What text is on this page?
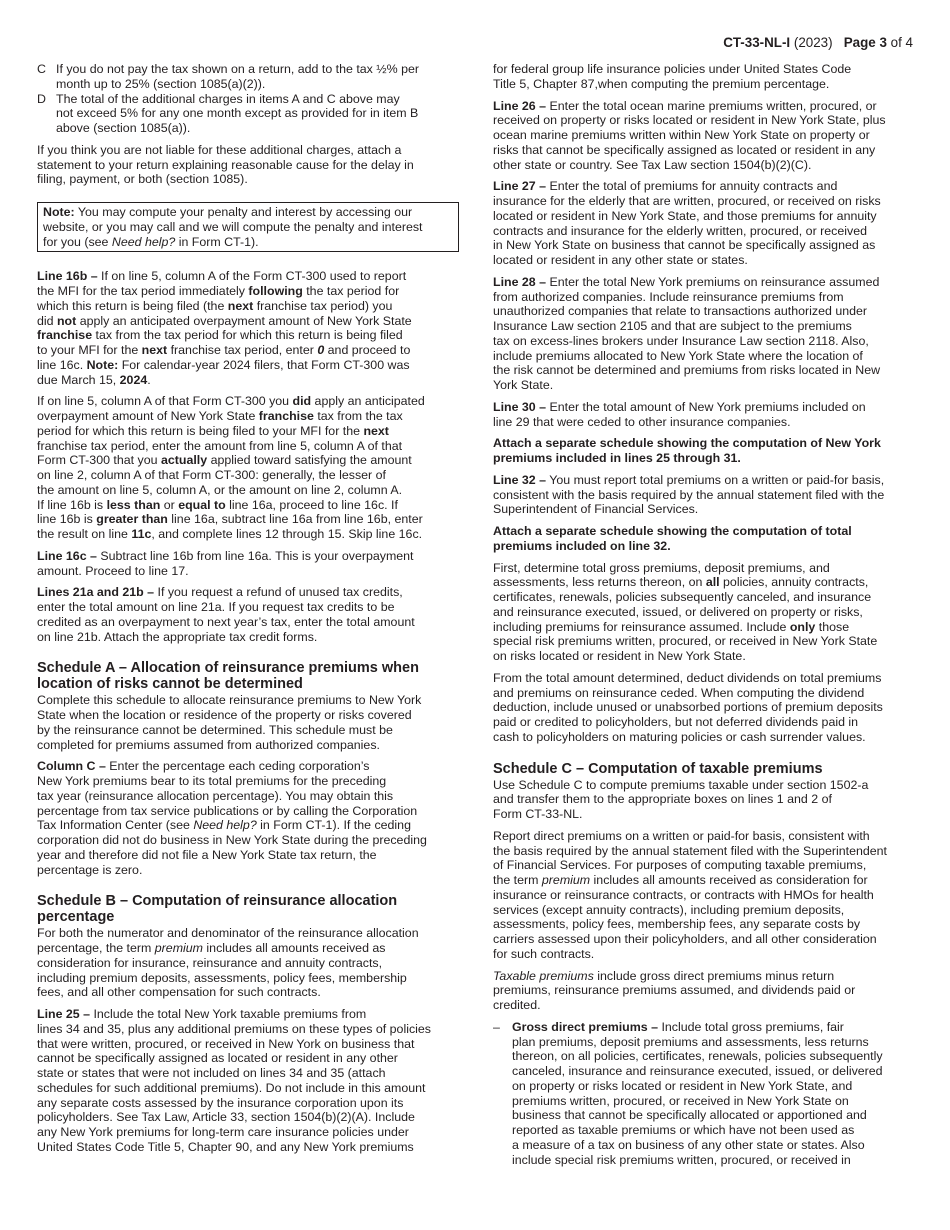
CT-33-NL-I (2023) Page 3 of 4
C If you do not pay the tax shown on a return, add to the tax ½% per
month up to 25% (section 1085(a)(2)).
D The total of the additional charges in items A and C above may
not exceed 5% for any one month except as provided for in item B
above (section 1085(a)).

If you think you are not liable for these additional charges, attach a
statement to your return explaining reasonable cause for the delay in
filing, payment, or both (section 1085).

Note: You may compute your penalty and interest by accessing our
website, or you may call and we will compute the penalty and interest
for you (see Need help? in Form CT-1).

Line 16b – If on line 5, column A of the Form CT-300 used to report
the MFI for the tax period immediately following the tax period for
which this return is being filed (the next franchise tax period) you
did not apply an anticipated overpayment amount of New York State
franchise tax from the tax period for which this return is being filed
to your MFI for the next franchise tax period, enter 0 and proceed to
line 16c. Note: For calendar-year 2024 filers, that Form CT-300 was
due March 15, 2024.

If on line 5, column A of that Form CT-300 you did apply an anticipated
overpayment amount of New York State franchise tax from the tax
period for which this return is being filed to your MFI for the next
franchise tax period, enter the amount from line 5, column A of that
Form CT-300 that you actually applied toward satisfying the amount
on line 2, column A of that Form CT-300: generally, the lesser of
the amount on line 5, column A, or the amount on line 2, column A.
If line 16b is less than or equal to line 16a, proceed to line 16c. If
line 16b is greater than line 16a, subtract line 16a from line 16b, enter
the result on line 11c, and complete lines 12 through 15. Skip line 16c.

Line 16c – Subtract line 16b from line 16a. This is your overpayment
amount. Proceed to line 17.

Lines 21a and 21b – If you request a refund of unused tax credits,
enter the total amount on line 21a. If you request tax credits to be
credited as an overpayment to next year’s tax, enter the total amount
on line 21b. Attach the appropriate tax credit forms.

Schedule A – Allocation of reinsurance premiums when
location of risks cannot be determined

Complete this schedule to allocate reinsurance premiums to New York
State when the location or residence of the property or risks covered
by the reinsurance cannot be determined. This schedule must be
completed for premiums assumed from authorized companies.

Column C – Enter the percentage each ceding corporation’s
New York premiums bear to its total premiums for the preceding
tax year (reinsurance allocation percentage). You may obtain this
percentage from tax service publications or by calling the Corporation
Tax Information Center (see Need help? in Form CT-1). If the ceding
corporation did not do business in New York State during the preceding
year and therefore did not file a New York State tax return, the
percentage is zero.

Schedule B – Computation of reinsurance allocation
percentage

For both the numerator and denominator of the reinsurance allocation
percentage, the term premium includes all amounts received as
consideration for insurance, reinsurance and annuity contracts,
including premium deposits, assessments, policy fees, membership
fees, and all other compensation for such contracts.

Line 25 – Include the total New York taxable premiums from
lines 34 and 35, plus any additional premiums on these types of policies
that were written, procured, or received in New York on business that
cannot be specifically assigned as located or resident in any other
state or states that were not included on lines 34 and 35 (attach
schedules for such additional premiums). Do not include in this amount
any separate costs assessed by the insurance corporation upon its
policyholders. See Tax Law, Article 33, section 1504(b)(2)(A). Include
any New York premiums for long-term care insurance policies under
United States Code Title 5, Chapter 90, and any New York premiums

for federal group life insurance policies under United States Code
Title 5, Chapter 87,when computing the premium percentage.

Line 26 – Enter the total ocean marine premiums written, procured, or
received on property or risks located or resident in New York State, plus
ocean marine premiums written within New York State on property or
risks that cannot be specifically assigned as located or resident in any
other state or country. See Tax Law section 1504(b)(2)(C).

Line 27 – Enter the total of premiums for annuity contracts and
insurance for the elderly that are written, procured, or received on risks
located or resident in New York State, and those premiums for annuity
contracts and insurance for the elderly written, procured, or received
in New York State on business that cannot be specifically assigned as
located or resident in any other state or states.

Line 28 – Enter the total New York premiums on reinsurance assumed
from authorized companies. Include reinsurance premiums from
unauthorized companies that relate to transactions authorized under
Insurance Law section 2105 and that are subject to the premiums
tax on excess-lines brokers under Insurance Law section 2118. Also,
include premiums allocated to New York State where the location of
the risk cannot be determined and premiums from risks located in New
York State.

Line 30 – Enter the total amount of New York premiums included on
line 29 that were ceded to other insurance companies.

Attach a separate schedule showing the computation of New York
premiums included in lines 25 through 31.

Line 32 – You must report total premiums on a written or paid-for basis,
consistent with the basis required by the annual statement filed with the
Superintendent of Financial Services.

Attach a separate schedule showing the computation of total
premiums included on line 32.

First, determine total gross premiums, deposit premiums, and
assessments, less returns thereon, on all policies, annuity contracts,
certificates, renewals, policies subsequently canceled, and insurance
and reinsurance executed, issued, or delivered on property or risks,
including premiums for reinsurance assumed. Include only those
special risk premiums written, procured, or received in New York State
on risks located or resident in New York State.

From the total amount determined, deduct dividends on total premiums
and premiums on reinsurance ceded. When computing the dividend
deduction, include unused or unabsorbed portions of premium deposits
paid or credited to policyholders, but not deferred dividends paid in
cash to policyholders on maturing policies or cash surrender values.

Schedule C – Computation of taxable premiums

Use Schedule C to compute premiums taxable under section 1502-a
and transfer them to the appropriate boxes on lines 1 and 2 of
Form CT-33-NL.

Report direct premiums on a written or paid-for basis, consistent with
the basis required by the annual statement filed with the Superintendent
of Financial Services. For purposes of computing taxable premiums,
the term premium includes all amounts received as consideration for
insurance or reinsurance contracts, or contracts with HMOs for health
services (except annuity contracts), including premium deposits,
assessments, policy fees, membership fees, any separate costs by
carriers assessed upon their policyholders, and all other consideration
for such contracts.

Taxable premiums include gross direct premiums minus return
premiums, reinsurance premiums assumed, and dividends paid or
credited.

– Gross direct premiums – Include total gross premiums, fair
plan premiums, deposit premiums and assessments, less returns
thereon, on all policies, certificates, renewals, policies subsequently
canceled, insurance and reinsurance executed, issued, or delivered
on property or risks located or resident in New York State, and
premiums written, procured, or received in New York State on
business that cannot be specifically allocated or apportioned and
reported as taxable premiums or which have not been used as
a measure of a tax on business of any other state or states. Also
include special risk premiums written, procured, or received in
